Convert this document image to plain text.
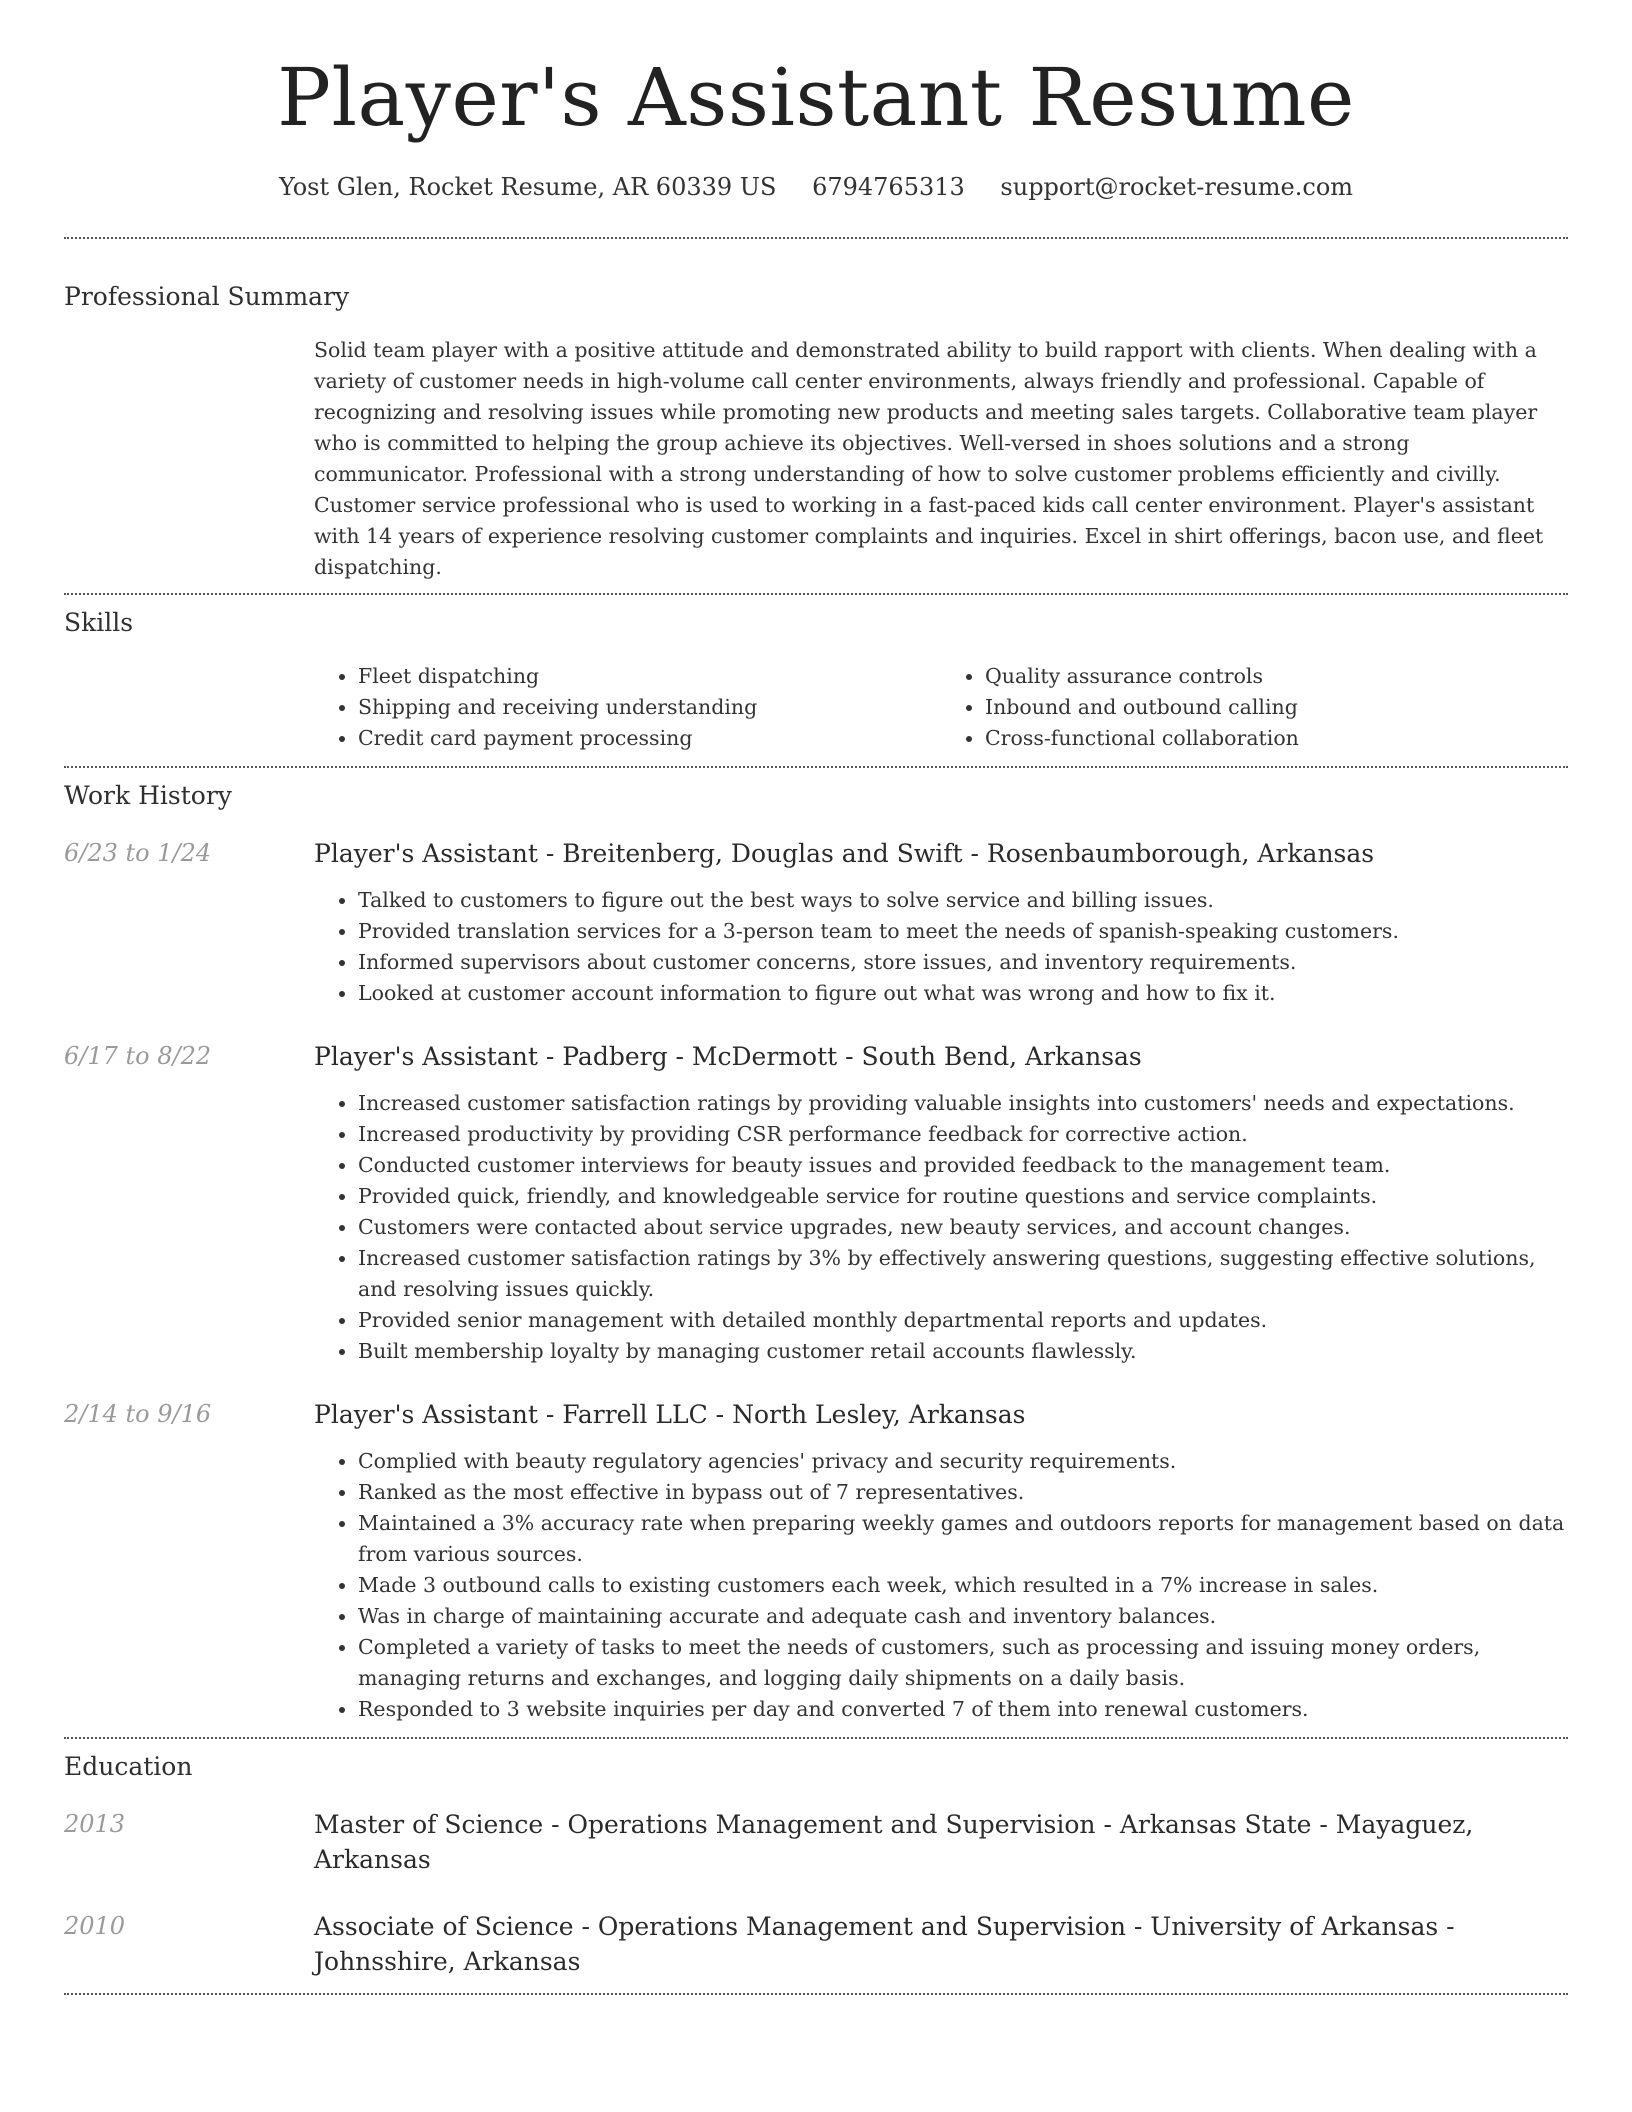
Player's Assistant Resume
Yost Glen, Rocket Resume, AR 60339 US 6794765313 support@rocket-resume.com
Professional Summary

Solid team player with a positive attitude and demonstrated ability to build rapport with clients. When dealing with a variety of customer needs in high-volume call center environments, always friendly and professional. Capable of recognizing and resolving issues while promoting new products and meeting sales targets. Collaborative team player who is committed to helping the group achieve its objectives. Well-versed in shoes solutions and a strong communicator. Professional with a strong understanding of how to solve customer problems efficiently and civilly. Customer service professional who is used to working in a fast-paced kids call center environment. Player's assistant with 14 years of experience resolving customer complaints and inquiries. Excel in shirt offerings, bacon use, and fleet dispatching.

Skills
• Fleet dispatching
• Shipping and receiving understanding
• Credit card payment processing
• Quality assurance controls
• Inbound and outbound calling
• Cross-functional collaboration
Work History
6/23 to 1/24	Player's Assistant - Breitenberg, Douglas and Swift - Rosenbaumborough, Arkansas
• Talked to customers to figure out the best ways to solve service and billing issues.
• Provided translation services for a 3-person team to meet the needs of spanish-speaking customers.
• Informed supervisors about customer concerns, store issues, and inventory requirements.
• Looked at customer account information to figure out what was wrong and how to fix it.
6/17 to 8/22	Player's Assistant - Padberg - McDermott - South Bend, Arkansas
• Increased customer satisfaction ratings by providing valuable insights into customers' needs and expectations.
• Increased productivity by providing CSR performance feedback for corrective action.
• Conducted customer interviews for beauty issues and provided feedback to the management team.
• Provided quick, friendly, and knowledgeable service for routine questions and service complaints.
• Customers were contacted about service upgrades, new beauty services, and account changes.
• Increased customer satisfaction ratings by 3% by effectively answering questions, suggesting effective solutions, and resolving issues quickly.
• Provided senior management with detailed monthly departmental reports and updates.
• Built membership loyalty by managing customer retail accounts flawlessly.
2/14 to 9/16	Player's Assistant - Farrell LLC - North Lesley, Arkansas
• Complied with beauty regulatory agencies' privacy and security requirements.
• Ranked as the most effective in bypass out of 7 representatives.
• Maintained a 3% accuracy rate when preparing weekly games and outdoors reports for management based on data from various sources.
• Made 3 outbound calls to existing customers each week, which resulted in a 7% increase in sales.
• Was in charge of maintaining accurate and adequate cash and inventory balances.
• Completed a variety of tasks to meet the needs of customers, such as processing and issuing money orders, managing returns and exchanges, and logging daily shipments on a daily basis.
• Responded to 3 website inquiries per day and converted 7 of them into renewal customers.
Education
2013	Master of Science - Operations Management and Supervision - Arkansas State - Mayaguez, Arkansas
2010	Associate of Science - Operations Management and Supervision - University of Arkansas - Johnsshire, Arkansas
